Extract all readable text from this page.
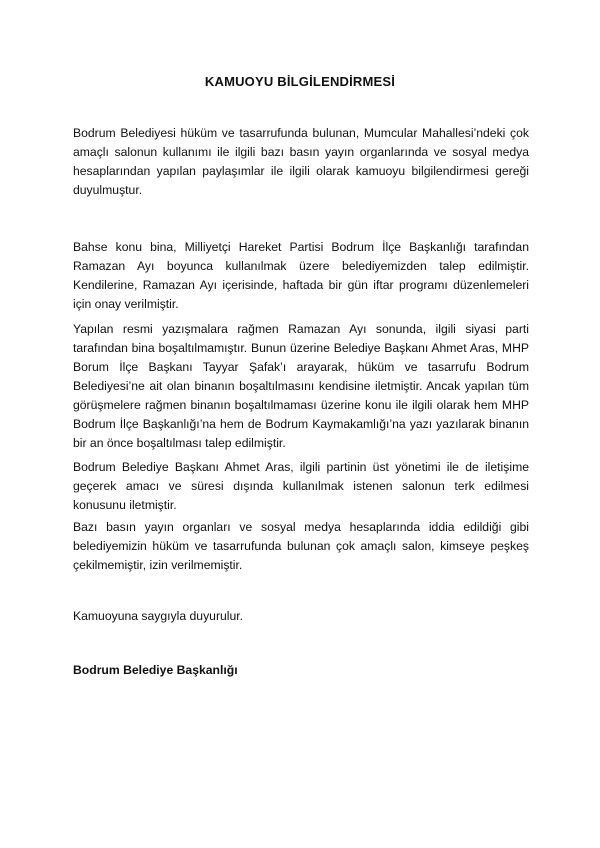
KAMUOYU BİLGİLENDİRMESİ

Bodrum Belediyesi hüküm ve tasarrufunda bulunan, Mumcular Mahallesi’ndeki çok amaçlı salonun kullanımı ile ilgili bazı basın yayın organlarında ve sosyal medya hesaplarından yapılan paylaşımlar ile ilgili olarak kamuoyu bilgilendirmesi gereği duyulmuştur.

Bahse konu bina, Milliyetçi Hareket Partisi Bodrum İlçe Başkanlığı tarafından Ramazan Ayı boyunca kullanılmak üzere belediyemizden talep edilmiştir. Kendilerine, Ramazan Ayı içerisinde, haftada bir gün iftar programı düzenlemeleri için onay verilmiştir.

Yapılan resmi yazışmalara rağmen Ramazan Ayı sonunda, ilgili siyasi parti tarafından bina boşaltılmamıştır. Bunun üzerine Belediye Başkanı Ahmet Aras, MHP Borum İlçe Başkanı Tayyar Şafak’ı arayarak, hüküm ve tasarrufu Bodrum Belediyesi’ne ait olan binanın boşaltılmasını kendisine iletmiştir. Ancak yapılan tüm görüşmelere rağmen binanın boşaltılmaması üzerine konu ile ilgili olarak hem MHP Bodrum İlçe Başkanlığı’na hem de Bodrum Kaymakamlığı’na yazı yazılarak binanın bir an önce boşaltılması talep edilmiştir.

Bodrum Belediye Başkanı Ahmet Aras, ilgili partinin üst yönetimi ile de iletişime geçerek amacı ve süresi dışında kullanılmak istenen salonun terk edilmesi konusunu iletmiştir.

Bazı basın yayın organları ve sosyal medya hesaplarında iddia edildiği gibi belediyemizin hüküm ve tasarrufunda bulunan çok amaçlı salon, kimseye peşkeş çekilmemiştir, izin verilmemiştir.

Kamuoyuna saygıyla duyurulur.
Bodrum Belediye Başkanlığı
